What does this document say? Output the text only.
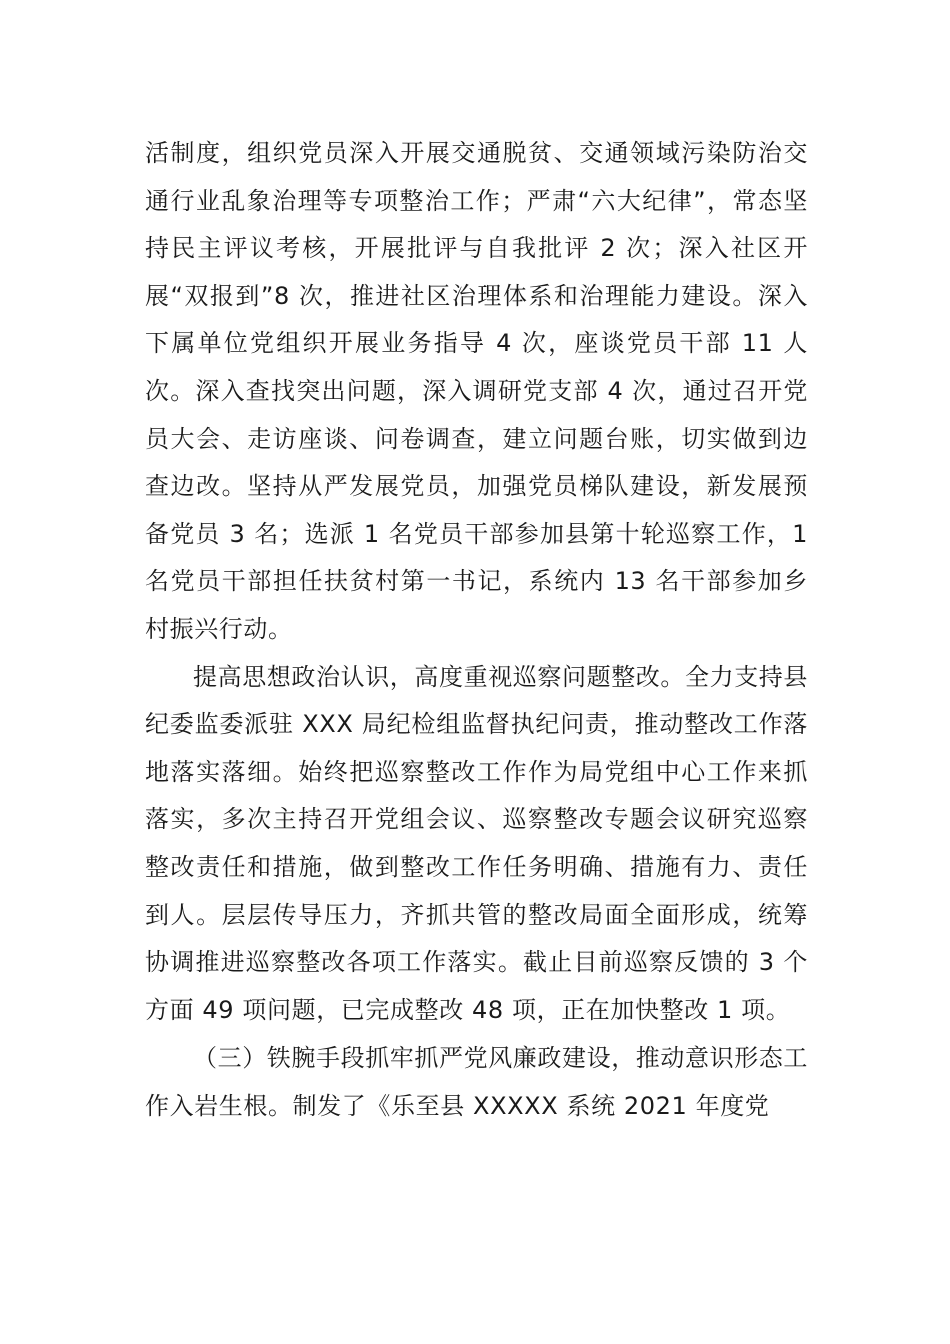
活制度，组织党员深入开展交通脱贫、交通领域污染防治交通行业乱象治理等专项整治工作；严肃“六大纪律”，常态坚持民主评议考核，开展批评与自我批评 2 次；深入社区开展“双报到”8 次，推进社区治理体系和治理能力建设。深入下属单位党组织开展业务指导 4 次，座谈党员干部 11 人次。深入查找突出问题，深入调研党支部 4 次，通过召开党员大会、走访座谈、问卷调查，建立问题台账，切实做到边查边改。坚持从严发展党员，加强党员梯队建设，新发展预备党员 3 名；选派 1 名党员干部参加县第十轮巡察工作，1 名党员干部担任扶贫村第一书记，系统内 13 名干部参加乡村振兴行动。

提高思想政治认识，高度重视巡察问题整改。全力支持县纪委监委派驻 XXX 局纪检组监督执纪问责，推动整改工作落地落实落细。始终把巡察整改工作作为局党组中心工作来抓落实，多次主持召开党组会议、巡察整改专题会议研究巡察整改责任和措施，做到整改工作任务明确、措施有力、责任到人。层层传导压力，齐抓共管的整改局面全面形成，统筹协调推进巡察整改各项工作落实。截止目前巡察反馈的 3 个方面 49 项问题，已完成整改 48 项，正在加快整改 1 项。

（三）铁腕手段抓牢抓严党风廉政建设，推动意识形态工作入岩生根。制发了《乐至县 XXXXX 系统 2021 年度党
